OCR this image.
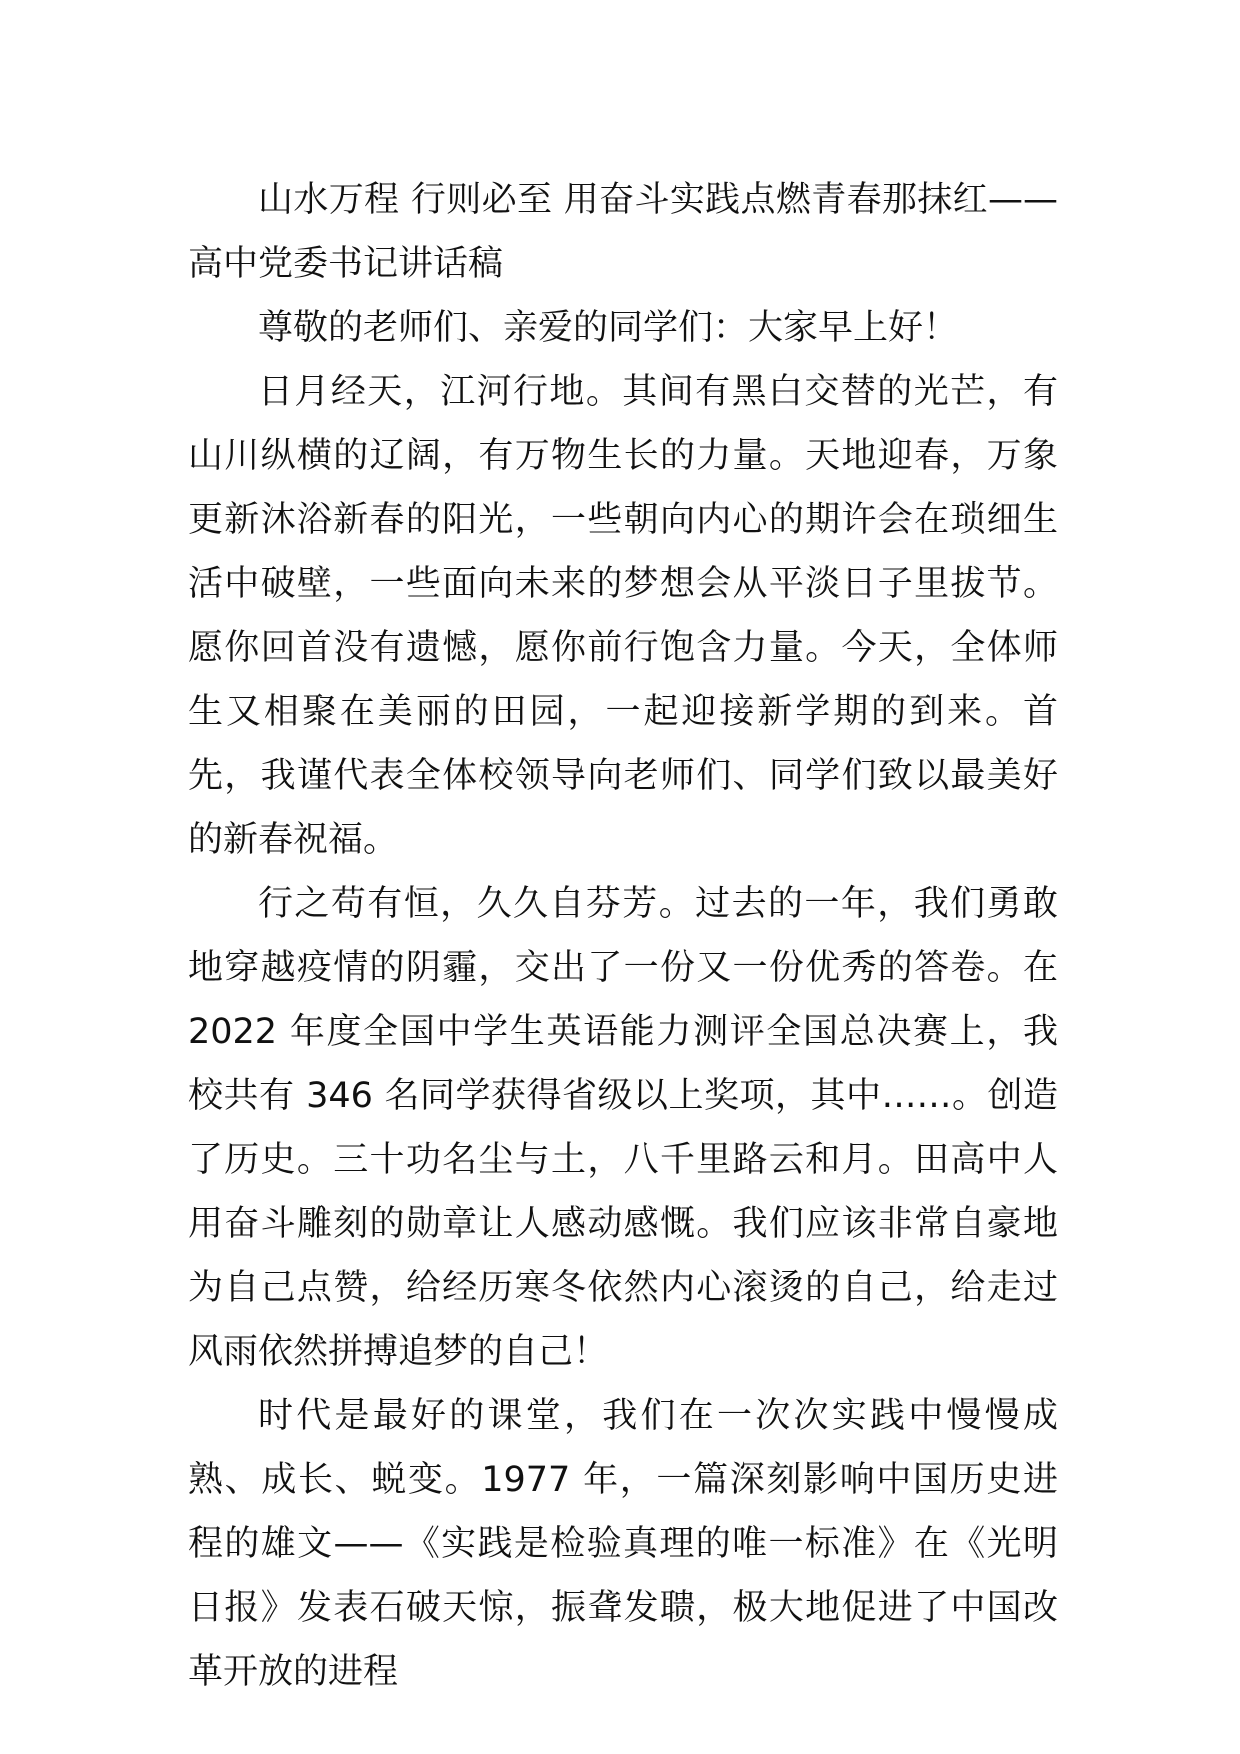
山水万程 行则必至 用奋斗实践点燃青春那抹红——高中党委书记讲话稿

尊敬的老师们、亲爱的同学们：大家早上好！

日月经天，江河行地。其间有黑白交替的光芒，有山川纵横的辽阔，有万物生长的力量。天地迎春，万象更新沐浴新春的阳光，一些朝向内心的期许会在琐细生活中破壁，一些面向未来的梦想会从平淡日子里拔节。愿你回首没有遗憾，愿你前行饱含力量。今天，全体师生又相聚在美丽的田园，一起迎接新学期的到来。首先，我谨代表全体校领导向老师们、同学们致以最美好的新春祝福。

行之苟有恒，久久自芬芳。过去的一年，我们勇敢地穿越疫情的阴霾，交出了一份又一份优秀的答卷。在 2022 年度全国中学生英语能力测评全国总决赛上，我校共有 346 名同学获得省级以上奖项，其中……。创造了历史。三十功名尘与土，八千里路云和月。田高中人用奋斗雕刻的勋章让人感动感慨。我们应该非常自豪地为自己点赞，给经历寒冬依然内心滚烫的自己，给走过风雨依然拼搏追梦的自己！

时代是最好的课堂，我们在一次次实践中慢慢成熟、成长、蜕变。1977 年，一篇深刻影响中国历史进程的雄文——《实践是检验真理的唯一标准》在《光明日报》发表石破天惊，振聋发聩，极大地促进了中国改革开放的进程
